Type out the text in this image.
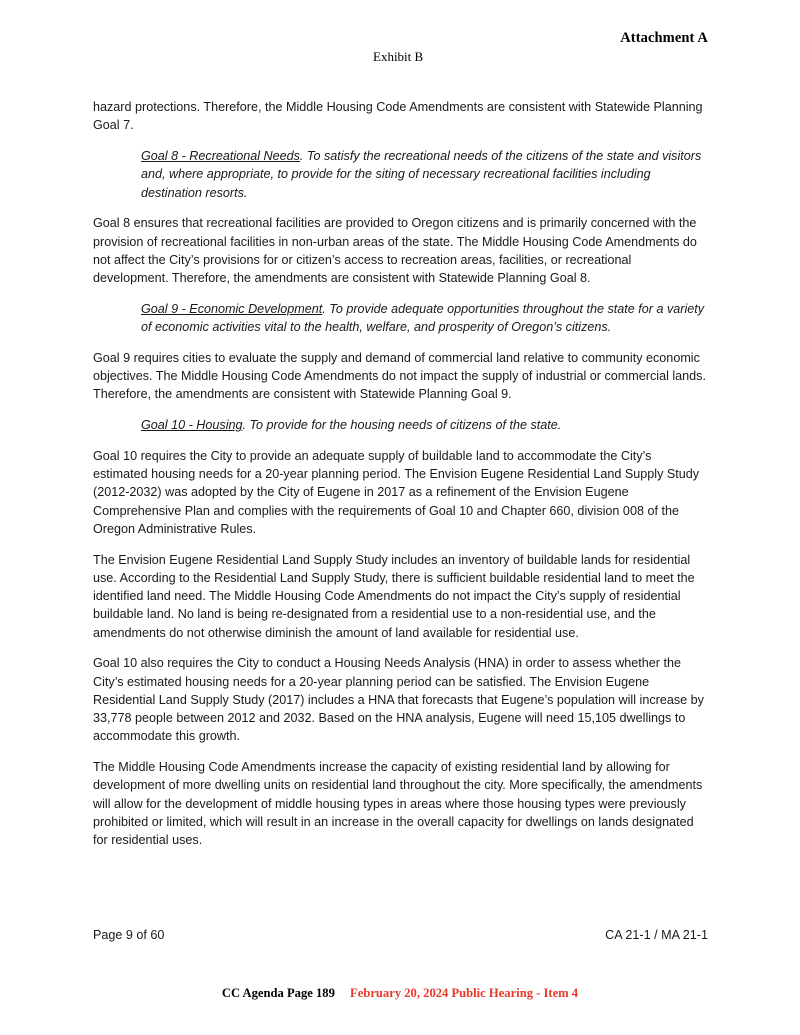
Attachment A
Exhibit B

hazard protections. Therefore, the Middle Housing Code Amendments are consistent with Statewide Planning Goal 7.

Goal 8 - Recreational Needs. To satisfy the recreational needs of the citizens of the state and visitors and, where appropriate, to provide for the siting of necessary recreational facilities including destination resorts.

Goal 8 ensures that recreational facilities are provided to Oregon citizens and is primarily concerned with the provision of recreational facilities in non-urban areas of the state. The Middle Housing Code Amendments do not affect the City’s provisions for or citizen’s access to recreation areas, facilities, or recreational development. Therefore, the amendments are consistent with Statewide Planning Goal 8.

Goal 9 - Economic Development. To provide adequate opportunities throughout the state for a variety of economic activities vital to the health, welfare, and prosperity of Oregon’s citizens.

Goal 9 requires cities to evaluate the supply and demand of commercial land relative to community economic objectives. The Middle Housing Code Amendments do not impact the supply of industrial or commercial lands. Therefore, the amendments are consistent with Statewide Planning Goal 9.

Goal 10 - Housing. To provide for the housing needs of citizens of the state.

Goal 10 requires the City to provide an adequate supply of buildable land to accommodate the City’s estimated housing needs for a 20-year planning period. The Envision Eugene Residential Land Supply Study (2012-2032) was adopted by the City of Eugene in 2017 as a refinement of the Envision Eugene Comprehensive Plan and complies with the requirements of Goal 10 and Chapter 660, division 008 of the Oregon Administrative Rules.

The Envision Eugene Residential Land Supply Study includes an inventory of buildable lands for residential use. According to the Residential Land Supply Study, there is sufficient buildable residential land to meet the identified land need. The Middle Housing Code Amendments do not impact the City’s supply of residential buildable land. No land is being re-designated from a residential use to a non-residential use, and the amendments do not otherwise diminish the amount of land available for residential use.

Goal 10 also requires the City to conduct a Housing Needs Analysis (HNA) in order to assess whether the City’s estimated housing needs for a 20-year planning period can be satisfied. The Envision Eugene Residential Land Supply Study (2017) includes a HNA that forecasts that Eugene’s population will increase by 33,778 people between 2012 and 2032. Based on the HNA analysis, Eugene will need 15,105 dwellings to accommodate this growth.

The Middle Housing Code Amendments increase the capacity of existing residential land by allowing for development of more dwelling units on residential land throughout the city. More specifically, the amendments will allow for the development of middle housing types in areas where those housing types were previously prohibited or limited, which will result in an increase in the overall capacity for dwellings on lands designated for residential uses.

Page 9 of 60	CA 21-1 / MA 21-1
CC Agenda Page 189 February 20, 2024 Public Hearing - Item 4
